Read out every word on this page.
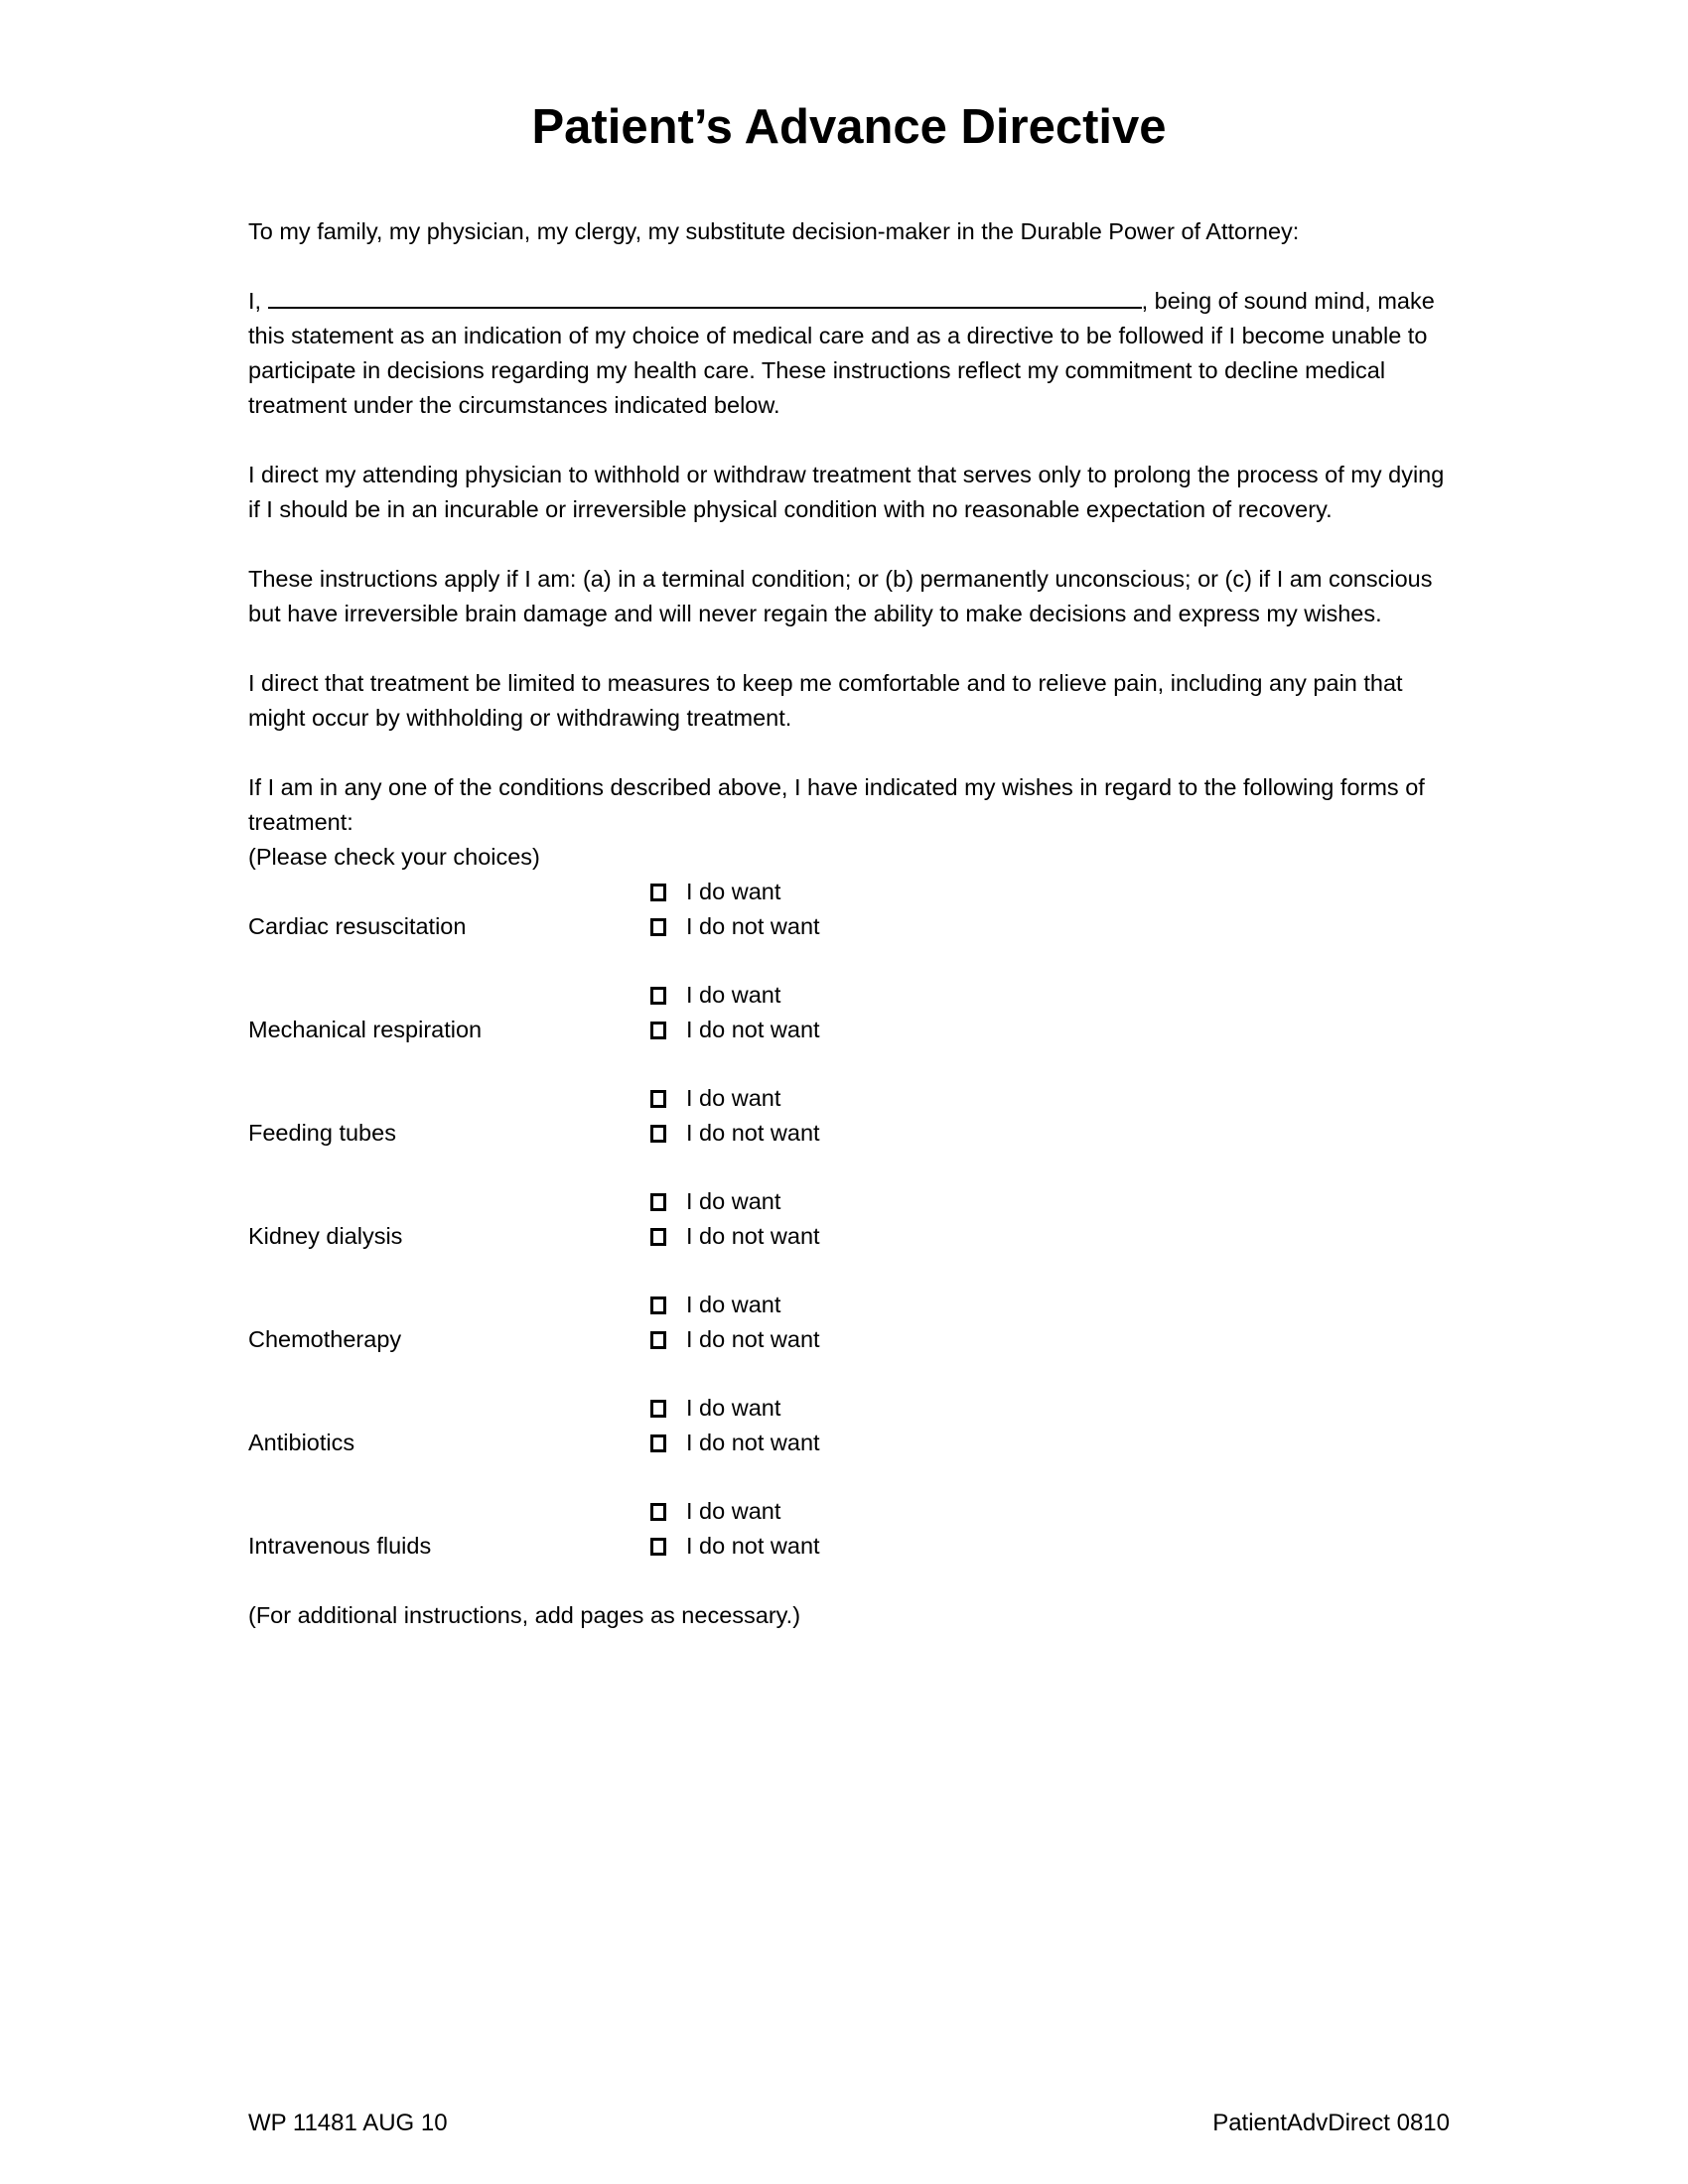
Patient’s Advance Directive

To my family, my physician, my clergy, my substitute decision-maker in the Durable Power of Attorney:

I,	, being of sound mind, make this statement as an indication of my choice of medical care and as a directive to be followed if I become unable to participate in decisions regarding my health care. These instructions reflect my commitment to decline medical treatment under the circumstances indicated below.

I direct my attending physician to withhold or withdraw treatment that serves only to prolong the process of my dying if I should be in an incurable or irreversible physical condition with no reasonable expectation of recovery.

These instructions apply if I am: (a) in a terminal condition; or (b) permanently unconscious; or (c) if I am conscious but have irreversible brain damage and will never regain the ability to make decisions and express my wishes.

I direct that treatment be limited to measures to keep me comfortable and to relieve pain, including any pain that might occur by withholding or withdrawing treatment.

If I am in any one of the conditions described above, I have indicated my wishes in regard to the following forms of treatment:
(Please check your choices)

I do want
Cardiac resuscitation	I do not want
I do want
Mechanical respiration	I do not want
I do want
Feeding tubes	I do not want
I do want
Kidney dialysis	I do not want
I do want
Chemotherapy	I do not want
I do want
Antibiotics	I do not want
I do want
Intravenous fluids	I do not want

(For additional instructions, add pages as necessary.)

WP 11481 AUG 10	PatientAdvDirect 0810
